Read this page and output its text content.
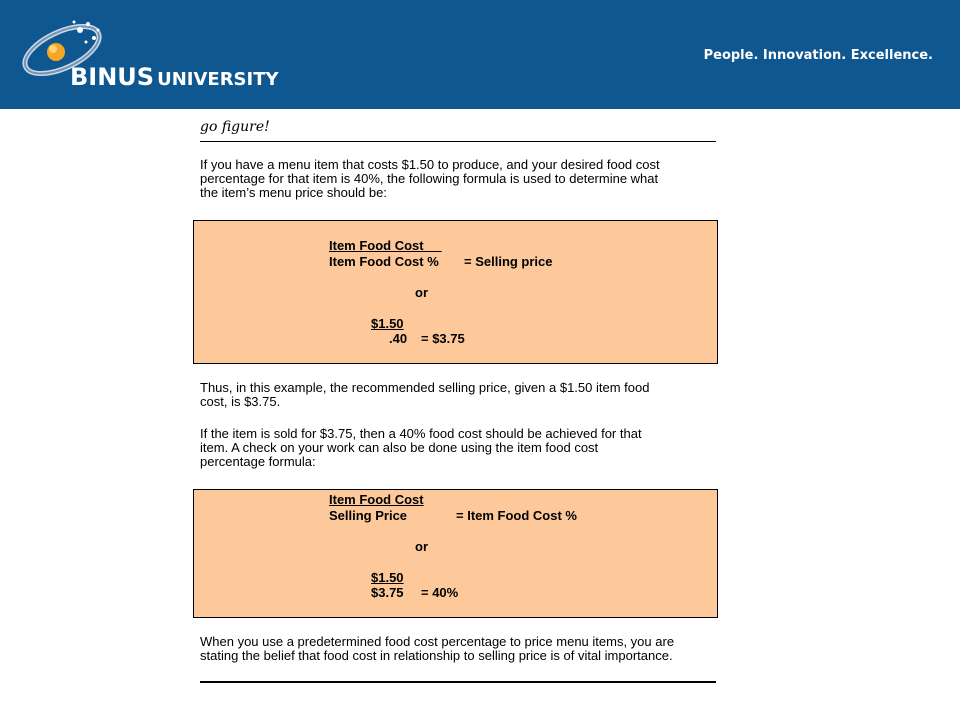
BINUS UNIVERSITY
People. Innovation. Excellence.
go figure!
If you have a menu item that costs $1.50 to produce, and your desired food cost
percentage for that item is 40%, the following formula is used to determine what
the item’s menu price should be:
Item Food Cost
Item Food Cost % = Selling price
or
$1.50
.40 = $3.75
Thus, in this example, the recommended selling price, given a $1.50 item food
cost, is $3.75.
If the item is sold for $3.75, then a 40% food cost should be achieved for that
item. A check on your work can also be done using the item food cost
percentage formula:
Item Food Cost
Selling Price	= Item Food Cost %
or
$1.50
$3.75 = 40%
When you use a predetermined food cost percentage to price menu items, you are
stating the belief that food cost in relationship to selling price is of vital importance.
